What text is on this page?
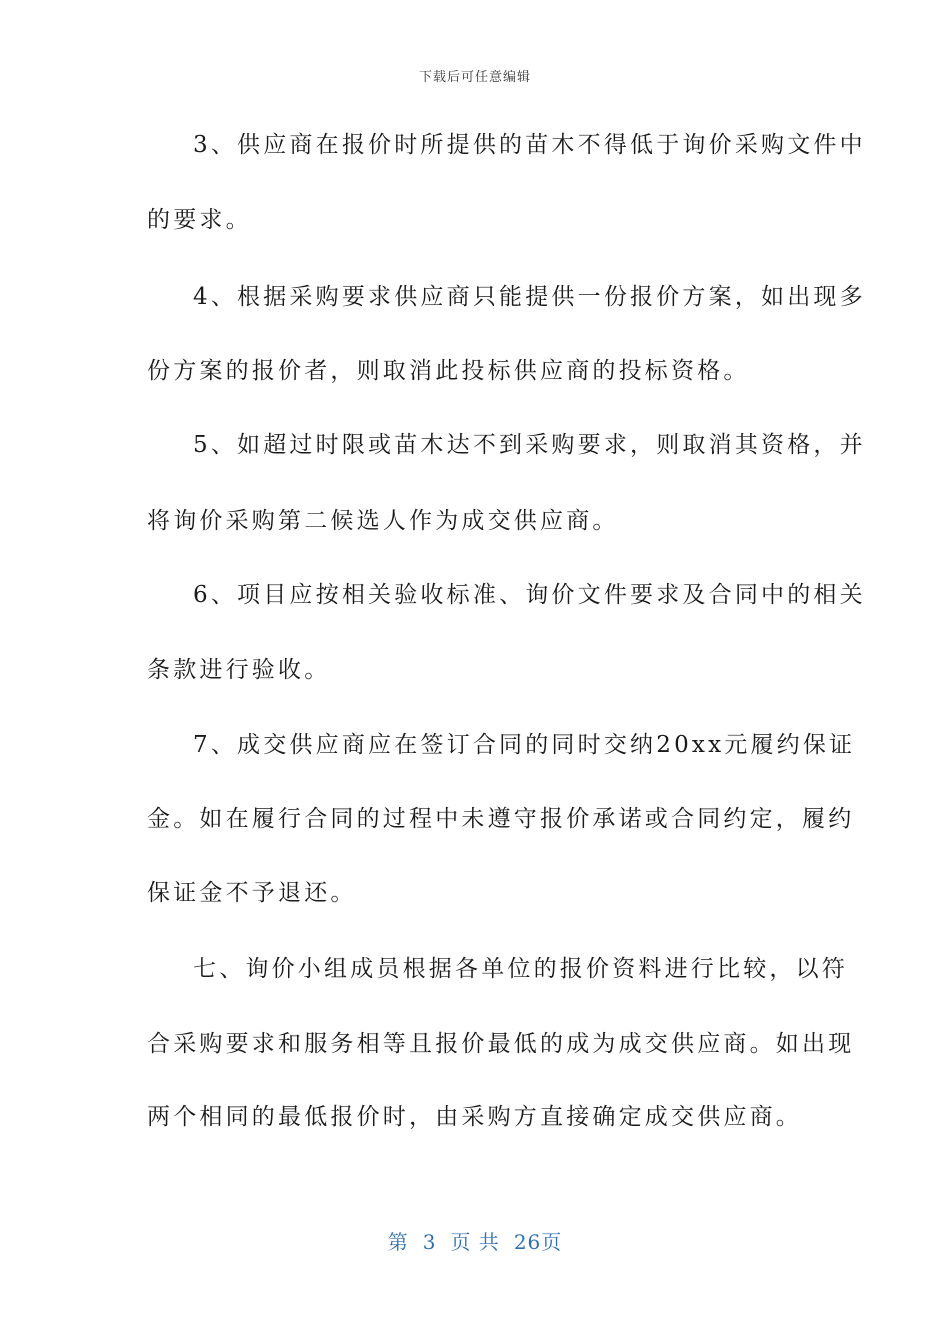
下载后可任意编辑
3、供应商在报价时所提供的苗木不得低于询价采购文件中
的要求。
4、根据采购要求供应商只能提供一份报价方案，如出现多
份方案的报价者，则取消此投标供应商的投标资格。
5、如超过时限或苗木达不到采购要求，则取消其资格，并
将询价采购第二候选人作为成交供应商。
6、项目应按相关验收标准、询价文件要求及合同中的相关
条款进行验收。
7、成交供应商应在签订合同的同时交纳20xx元履约保证
金。如在履行合同的过程中未遵守报价承诺或合同约定，履约
保证金不予退还。
七、询价小组成员根据各单位的报价资料进行比较，以符
合采购要求和服务相等且报价最低的成为成交供应商。如出现
两个相同的最低报价时，由采购方直接确定成交供应商。
第 3 页 共 26页
